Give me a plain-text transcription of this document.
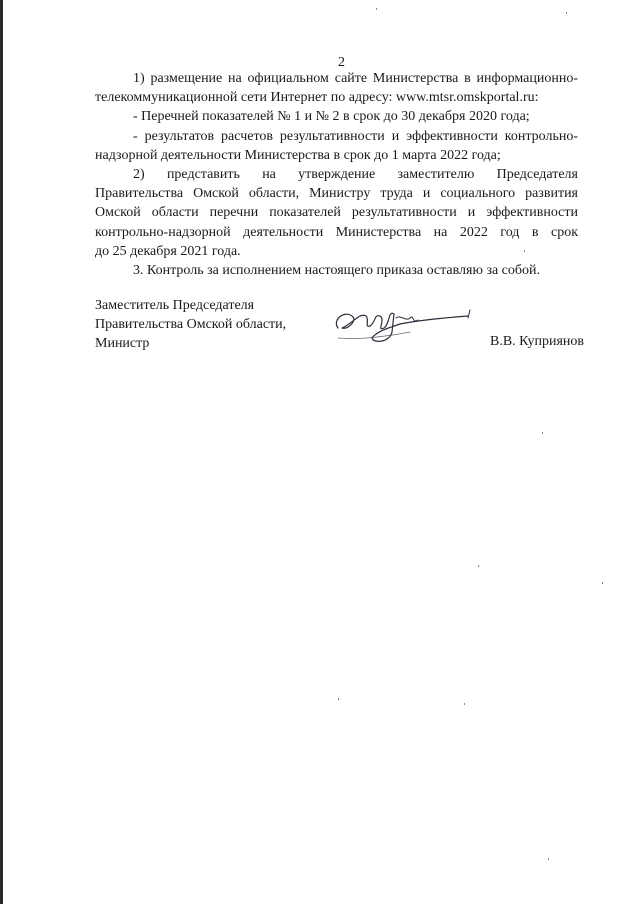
2

1) размещение на официальном сайте Министерства в информационно-

телекоммуникационной сети Интернет по адресу: www.mtsr.omskportal.ru:

- Перечней показателей № 1 и № 2 в срок до 30 декабря 2020 года;

- результатов расчетов результативности и эффективности контрольно-

надзорной деятельности Министерства в срок до 1 марта 2022 года;

2) представить на утверждение заместителю Председателя

Правительства Омской области, Министру труда и социального развития

Омской области перечни показателей результативности и эффективности

контрольно-надзорной деятельности Министерства на 2022 год в срок

до 25 декабря 2021 года.

3. Контроль за исполнением настоящего приказа оставляю за собой.

Заместитель Председателя
Правительства Омской области,
Министр	В.В. Куприянов
